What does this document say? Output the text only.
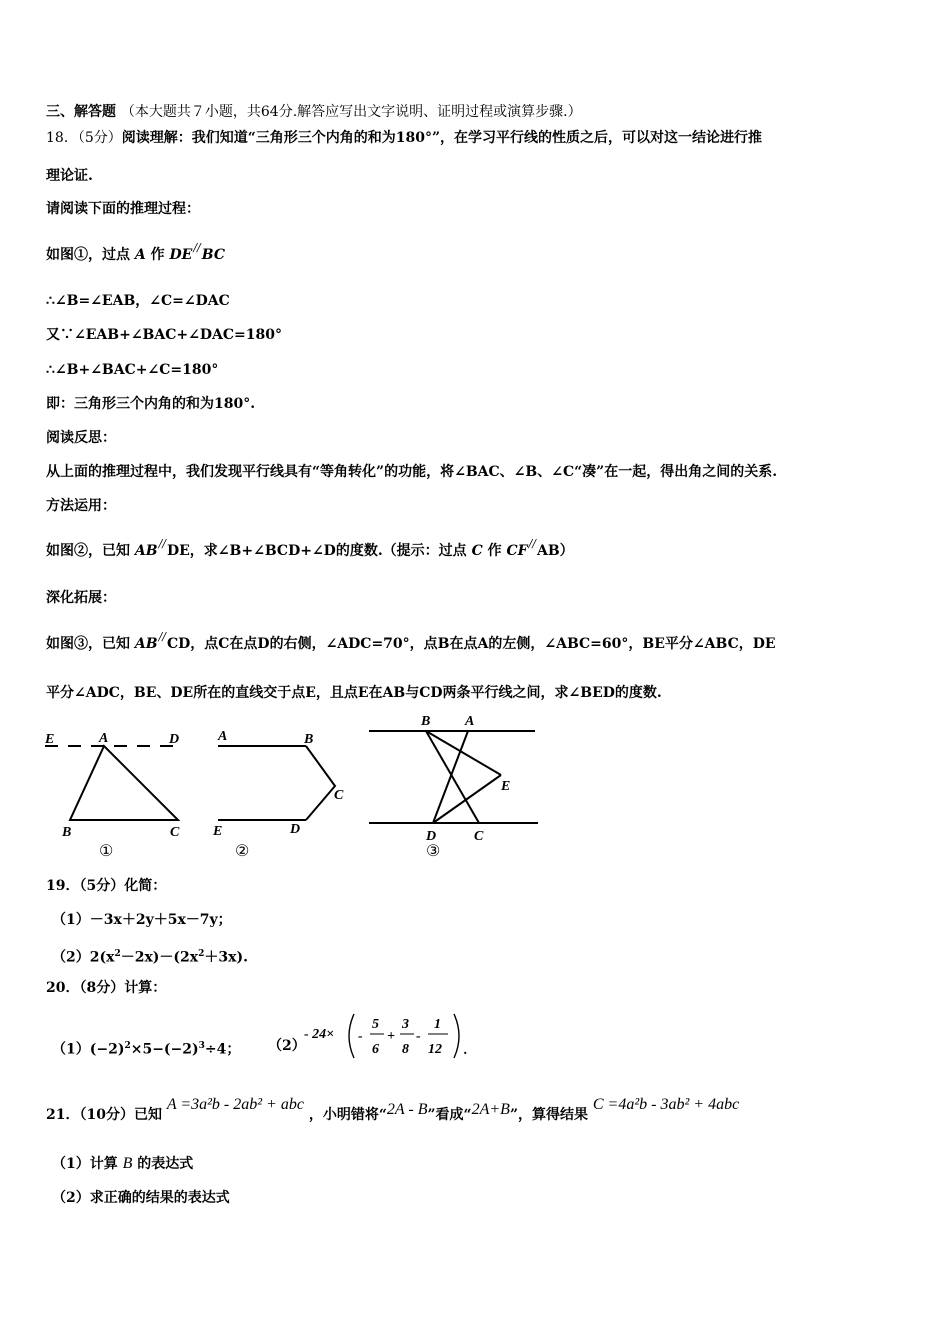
三、解答题 （本大题共７小题，共64分.解答应写出文字说明、证明过程或演算步骤.）
18．（5分）阅读理解：我们知道“三角形三个内角的和为180°”，在学习平行线的性质之后，可以对这一结论进行推
理论证.
请阅读下面的推理过程：
如图①，过点 A 作 DE//BC
∴∠B=∠EAB，∠C=∠DAC
又∵∠EAB+∠BAC+∠DAC=180°
∴∠B+∠BAC+∠C=180°
即：三角形三个内角的和为180°.
阅读反思：
从上面的推理过程中，我们发现平行线具有“等角转化”的功能，将∠BAC、∠B、∠C“凑”在一起，得出角之间的关系.
方法运用：
如图②，已知 AB//DE，求∠B+∠BCD+∠D的度数.（提示：过点 C 作 CF//AB）
深化拓展：
如图③，已知 AB//CD，点C在点D的右侧，∠ADC=70°，点B在点A的左侧，∠ABC=60°，BE平分∠ABC，DE
平分∠ADC，BE、DE所在的直线交于点E，且点E在AB与CD两条平行线之间，求∠BED的度数.
E	A	D
B	C
①
A	B
C
E	D
②
B A
E
D	C
③
19．（5分）化简：
（1）－3x＋2y＋5x－7y；
$(2)2(x^2-2x)-(2x^2+3x)$.
20．（8分）计算：
$(1)(-2)^2\times 5-(-2)^3\div 4$； （2）
- 24× -
5
6
+
3
8
-
1
12 .
21．（10分）已知 A =3a²b - 2ab² + abc ，小明错将“2A - B”看成“2A+B”，算得结果 C =4a²b - 3ab² + 4abc
（1）计算 B 的表达式
（2）求正确的结果的表达式
